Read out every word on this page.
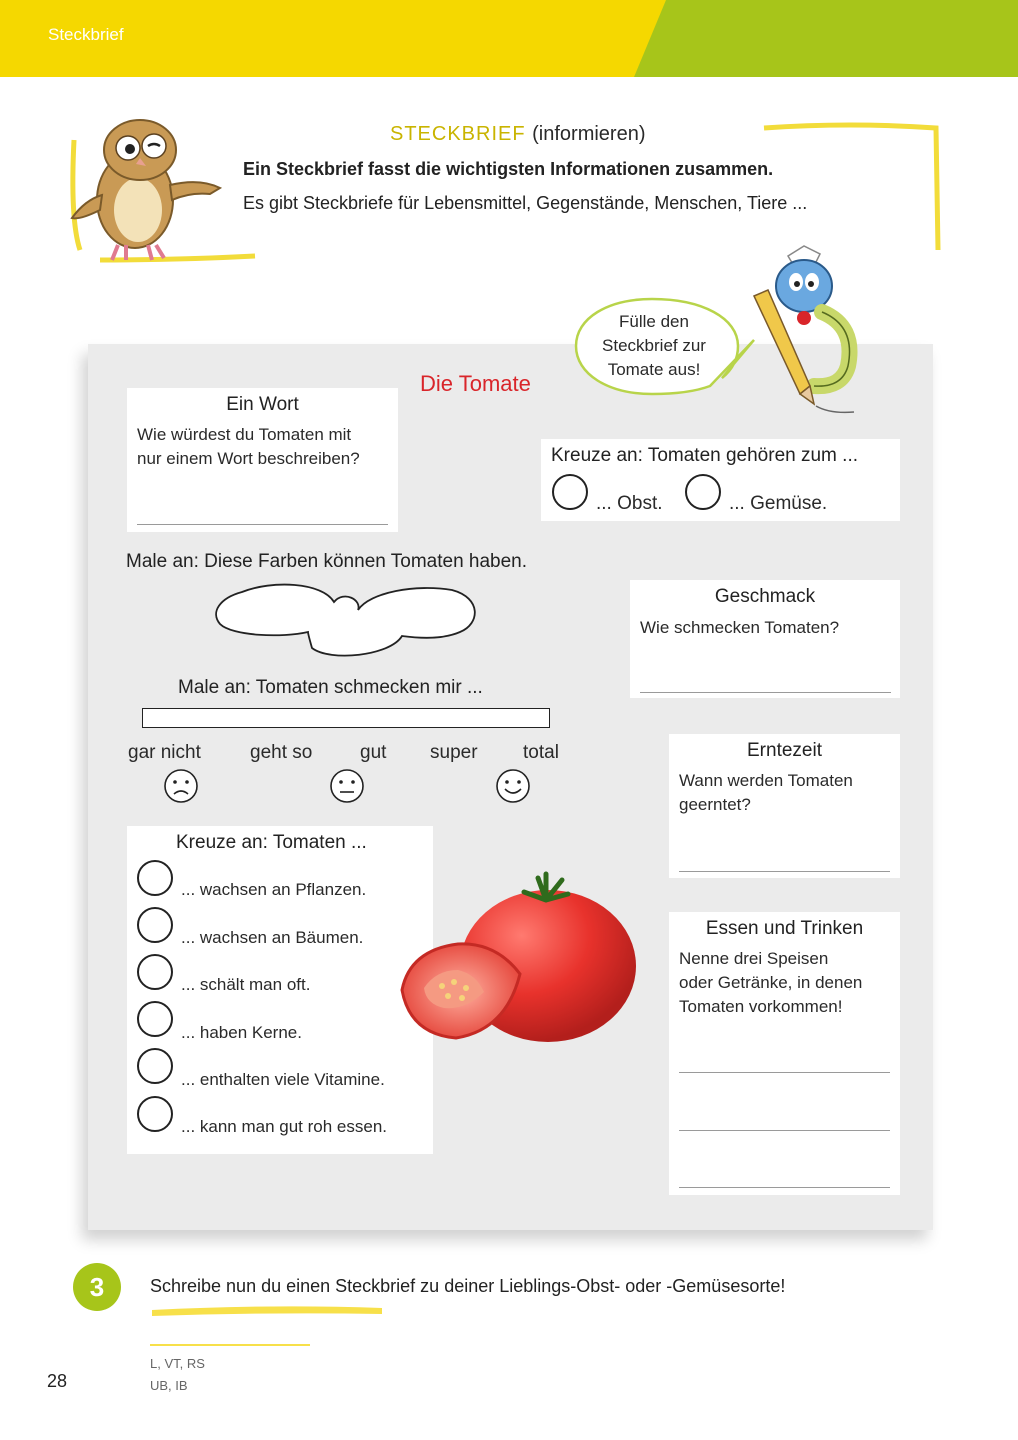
Steckbrief
STECKBRIEF (informieren)
Ein Steckbrief fasst die wichtigsten Informationen zusammen.
Es gibt Steckbriefe für Lebensmittel, Gegenstände, Menschen, Tiere ...
Die Tomate
Fülle den
Steckbrief zur
Tomate aus!
Ein Wort
Wie würdest du Tomaten mit
nur einem Wort beschreiben?	Kreuze an: Tomaten gehören zum ...
... Obst.	... Gemüse.
Male an: Diese Farben können Tomaten haben.
Geschmack
Wie schmecken Tomaten?
Male an: Tomaten schmecken mir ...
gar nicht	geht so	gut super total	Erntezeit
Wann werden Tomaten
geerntet?
Kreuze an: Tomaten ...
... wachsen an Pflanzen.
... wachsen an Bäumen.
... schält man oft.
... haben Kerne.
... enthalten viele Vitamine.
... kann man gut roh essen.
Essen und Trinken
Nenne drei Speisen
oder Getränke, in denen
Tomaten vorkommen!
3	Schreibe nun du einen Steckbrief zu deiner Lieblings-Obst- oder -Gemüsesorte!
28
L, VT, RS
UB, IB
